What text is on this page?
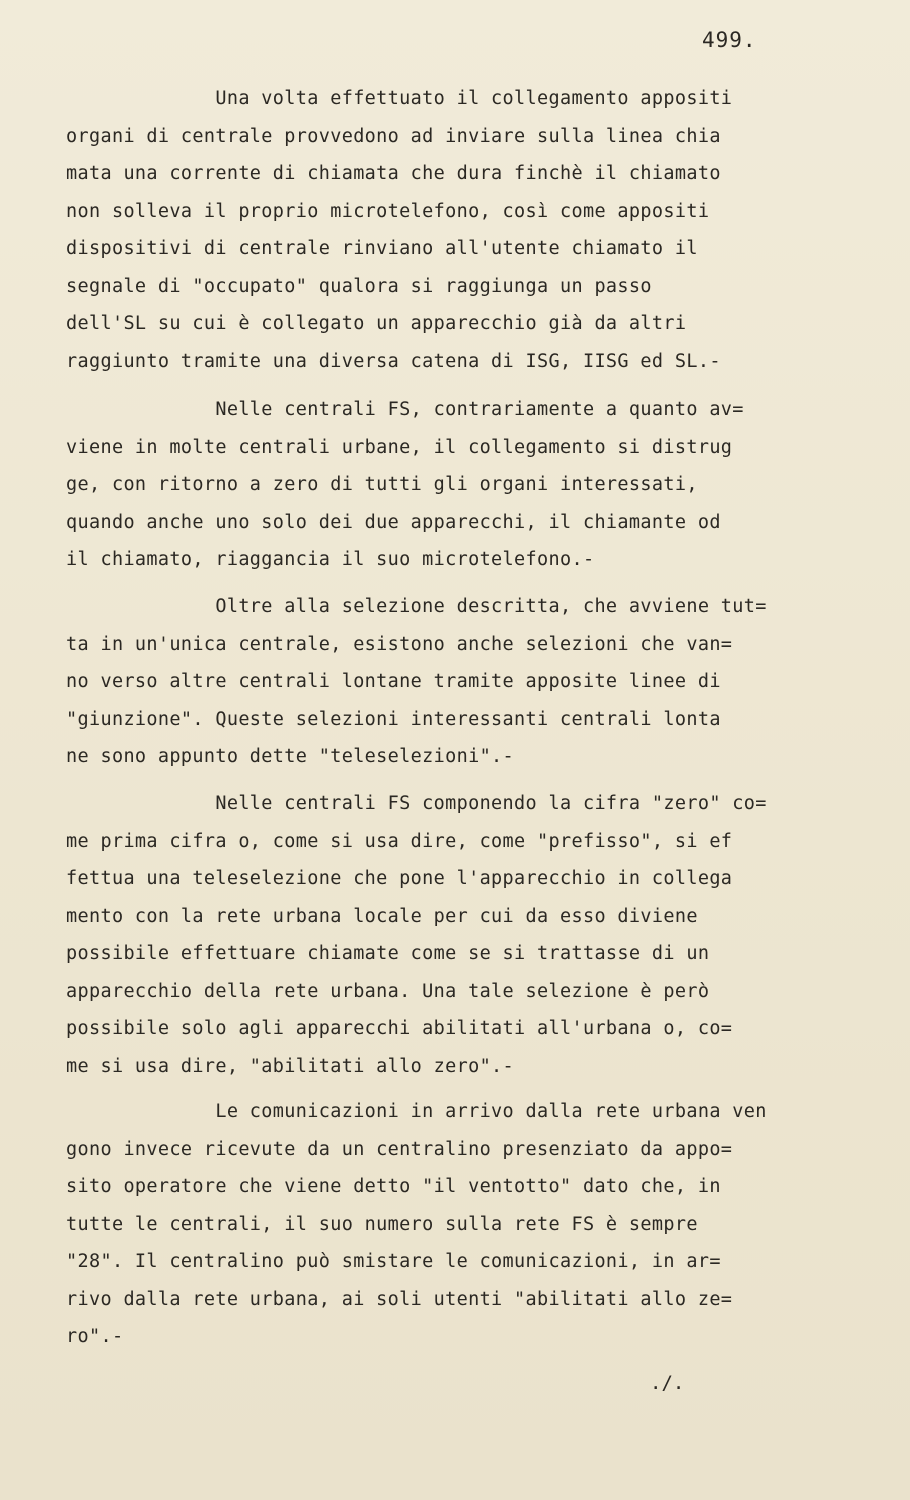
499.
Una volta effettuato il collegamento appositi
organi di centrale provvedono ad inviare sulla linea chia
mata una corrente di chiamata che dura finchè il chiamato
non solleva il proprio microtelefono, così come appositi
dispositivi di centrale rinviano all'utente chiamato il
segnale di "occupato" qualora si raggiunga un passo
dell'SL su cui è collegato un apparecchio già da altri
raggiunto tramite una diversa catena di ISG, IISG ed SL.-
Nelle centrali FS, contrariamente a quanto av=
viene in molte centrali urbane, il collegamento si distrug
ge, con ritorno a zero di tutti gli organi interessati,
quando anche uno solo dei due apparecchi, il chiamante od
il chiamato, riaggancia il suo microtelefono.-
Oltre alla selezione descritta, che avviene tut=
ta in un'unica centrale, esistono anche selezioni che van=
no verso altre centrali lontane tramite apposite linee di
"giunzione". Queste selezioni interessanti centrali lonta
ne sono appunto dette "teleselezioni".-
Nelle centrali FS componendo la cifra "zero" co=
me prima cifra o, come si usa dire, come "prefisso", si ef
fettua una teleselezione che pone l'apparecchio in collega
mento con la rete urbana locale per cui da esso diviene
possibile effettuare chiamate come se si trattasse di un
apparecchio della rete urbana. Una tale selezione è però
possibile solo agli apparecchi abilitati all'urbana o, co=
me si usa dire, "abilitati allo zero".-
Le comunicazioni in arrivo dalla rete urbana ven
gono invece ricevute da un centralino presenziato da appo=
sito operatore che viene detto "il ventotto" dato che, in
tutte le centrali, il suo numero sulla rete FS è sempre
"28". Il centralino può smistare le comunicazioni, in ar=
rivo dalla rete urbana, ai soli utenti "abilitati allo ze=
ro".-
./.
